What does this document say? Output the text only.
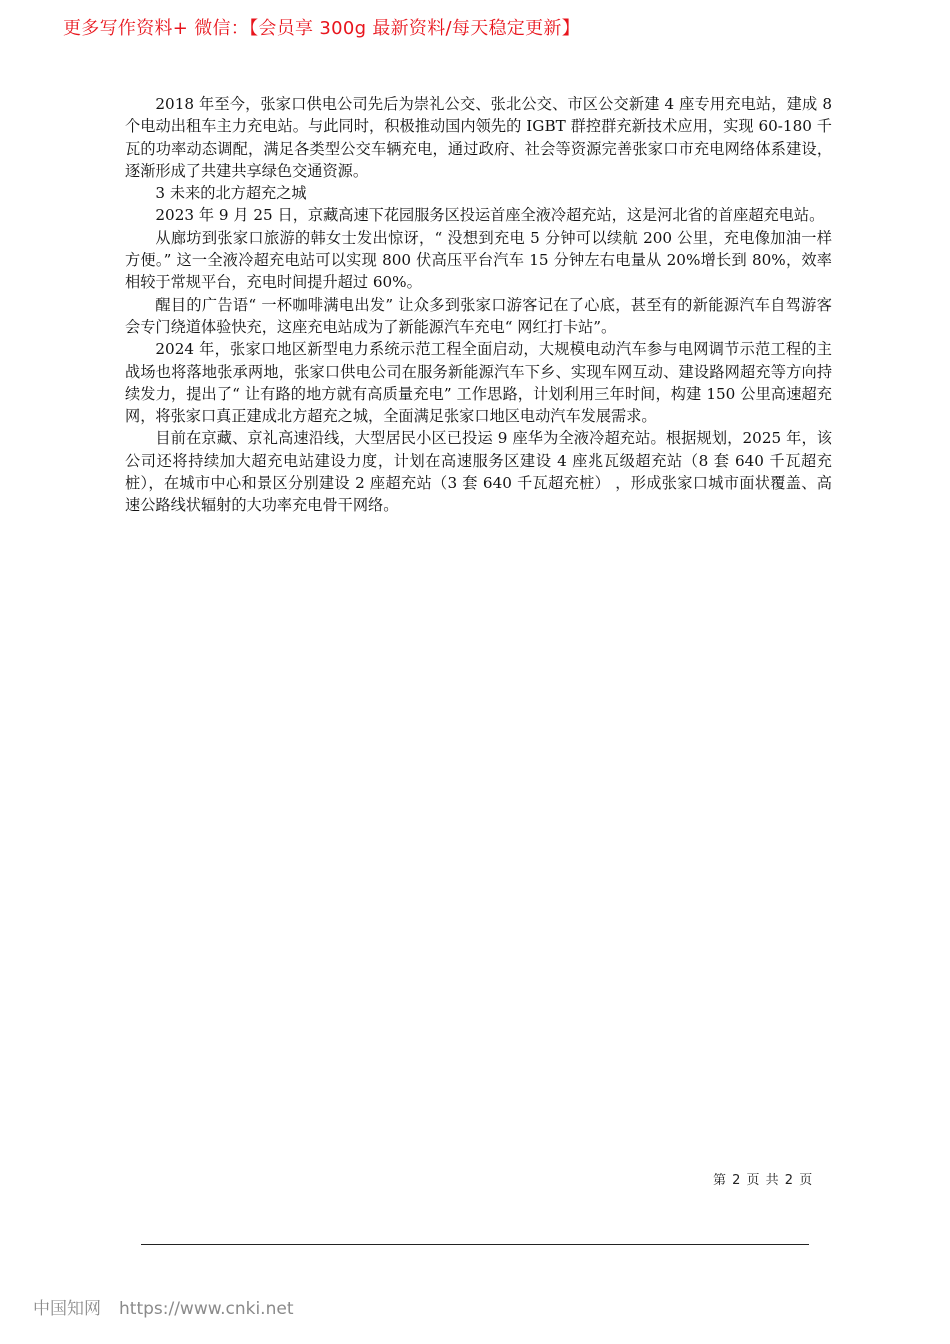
更多写作资料+ 微信：【会员享 300g 最新资料/每天稳定更新】

2018 年至今，张家口供电公司先后为崇礼公交、张北公交、市区公交新建 4 座专用充电站，建成 8 个电动出租车主力充电站。与此同时，积极推动国内领先的 IGBT 群控群充新技术应用，实现 60-180 千瓦的功率动态调配，满足各类型公交车辆充电，通过政府、社会等资源完善张家口市充电网络体系建设，逐渐形成了共建共享绿色交通资源。

3 未来的北方超充之城

2023 年 9 月 25 日，京藏高速下花园服务区投运首座全液冷超充站，这是河北省的首座超充电站。

从廊坊到张家口旅游的韩女士发出惊讶，“ 没想到充电 5 分钟可以续航 200 公里，充电像加油一样方便。” 这一全液冷超充电站可以实现 800 伏高压平台汽车 15 分钟左右电量从 20%增长到 80%，效率相较于常规平台，充电时间提升超过 60%。

醒目的广告语“ 一杯咖啡满电出发” 让众多到张家口游客记在了心底，甚至有的新能源汽车自驾游客会专门绕道体验快充，这座充电站成为了新能源汽车充电“ 网红打卡站”。

2024 年，张家口地区新型电力系统示范工程全面启动，大规模电动汽车参与电网调节示范工程的主战场也将落地张承两地，张家口供电公司在服务新能源汽车下乡、实现车网互动、建设路网超充等方向持续发力，提出了“ 让有路的地方就有高质量充电” 工作思路，计划利用三年时间，构建 150 公里高速超充网，将张家口真正建成北方超充之城，全面满足张家口地区电动汽车发展需求。

目前在京藏、京礼高速沿线，大型居民小区已投运 9 座华为全液冷超充站。根据规划，2025 年，该公司还将持续加大超充电站建设力度，计划在高速服务区建设 4 座兆瓦级超充站（8 套 640 千瓦超充桩），在城市中心和景区分别建设 2 座超充站（3 套 640 千瓦超充桩） ，形成张家口城市面状覆盖、高速公路线状辐射的大功率充电骨干网络。

第 2 页 共 2 页
中国知网 https://www.cnki.net
